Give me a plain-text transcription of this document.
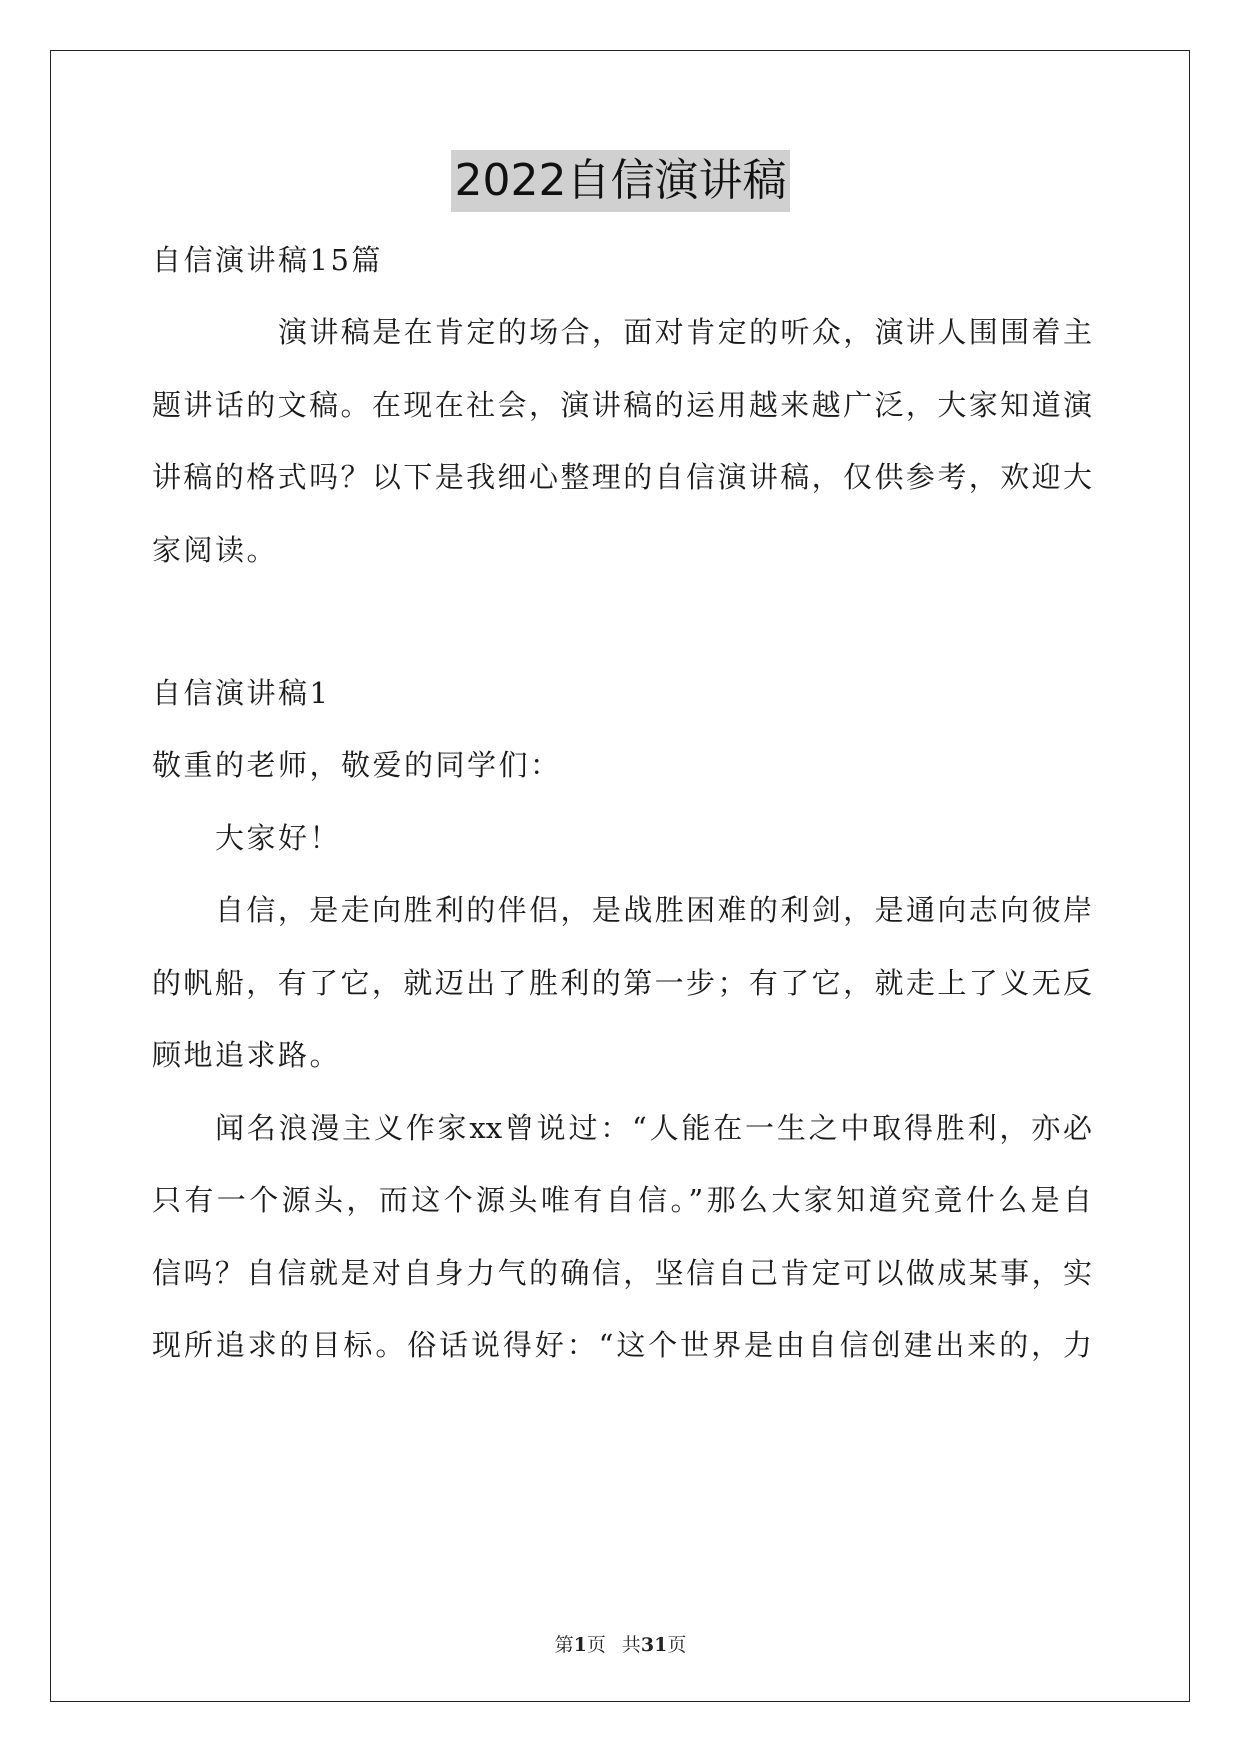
2022自信演讲稿
自信演讲稿15篇
演讲稿是在肯定的场合，面对肯定的听众，演讲人围围着主
题讲话的文稿。在现在社会，演讲稿的运用越来越广泛，大家知道演
讲稿的格式吗？以下是我细心整理的自信演讲稿，仅供参考，欢迎大
家阅读。
自信演讲稿1
敬重的老师，敬爱的同学们：
大家好！
自信，是走向胜利的伴侣，是战胜困难的利剑，是通向志向彼岸
的帆船，有了它，就迈出了胜利的第一步；有了它，就走上了义无反
顾地追求路。
闻名浪漫主义作家xx曾说过：“人能在一生之中取得胜利，亦必
只有一个源头，而这个源头唯有自信。”那么大家知道究竟什么是自
信吗？自信就是对自身力气的确信，坚信自己肯定可以做成某事，实
现所追求的目标。俗话说得好：“这个世界是由自信创建出来的，力
第1页 共31页
